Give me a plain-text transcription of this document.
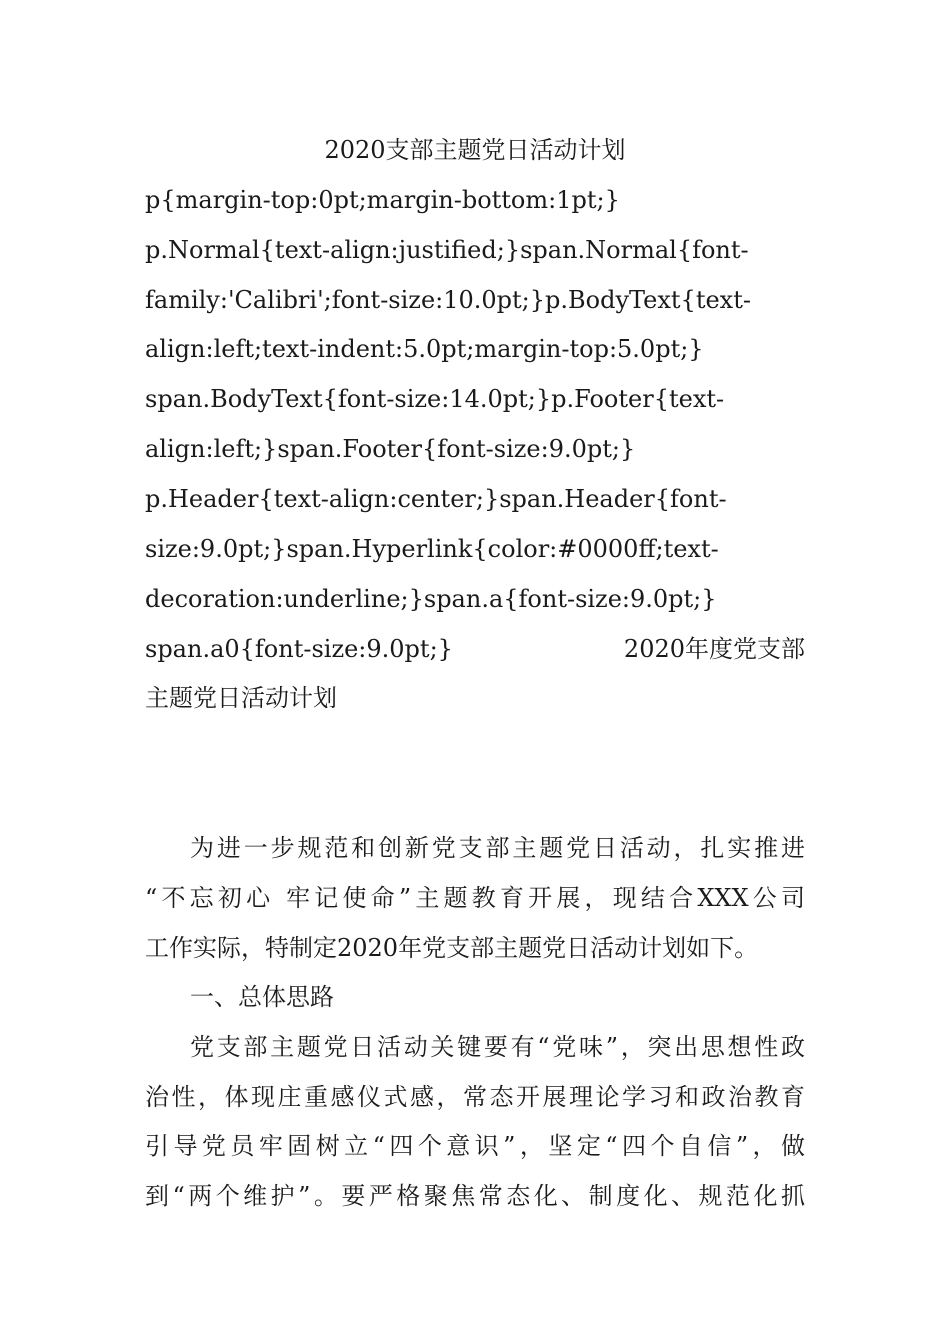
2020支部主题党日活动计划
p{margin-top:0pt;margin-bottom:1pt;}
p.Normal{text-align:justified;}span.Normal{font-
family:'Calibri';font-size:10.0pt;}p.BodyText{text-
align:left;text-indent:5.0pt;margin-top:5.0pt;}
span.BodyText{font-size:14.0pt;}p.Footer{text-
align:left;}span.Footer{font-size:9.0pt;}
p.Header{text-align:center;}span.Header{font-
size:9.0pt;}span.Hyperlink{color:#0000ff;text-
decoration:underline;}span.a{font-size:9.0pt;}
span.a0{font-size:9.0pt;}	2020年度党支部
主题党日活动计划
为进一步规范和创新党支部主题党日活动，扎实推进
“不忘初心 牢记使命”主题教育开展，现结合XXX公司
工作实际，特制定2020年党支部主题党日活动计划如下。
一、总体思路
党支部主题党日活动关键要有“党味”，突出思想性政
治性，体现庄重感仪式感，常态开展理论学习和政治教育
引导党员牢固树立“四个意识”，坚定“四个自信”，做
到“两个维护”。要严格聚焦常态化、制度化、规范化抓
